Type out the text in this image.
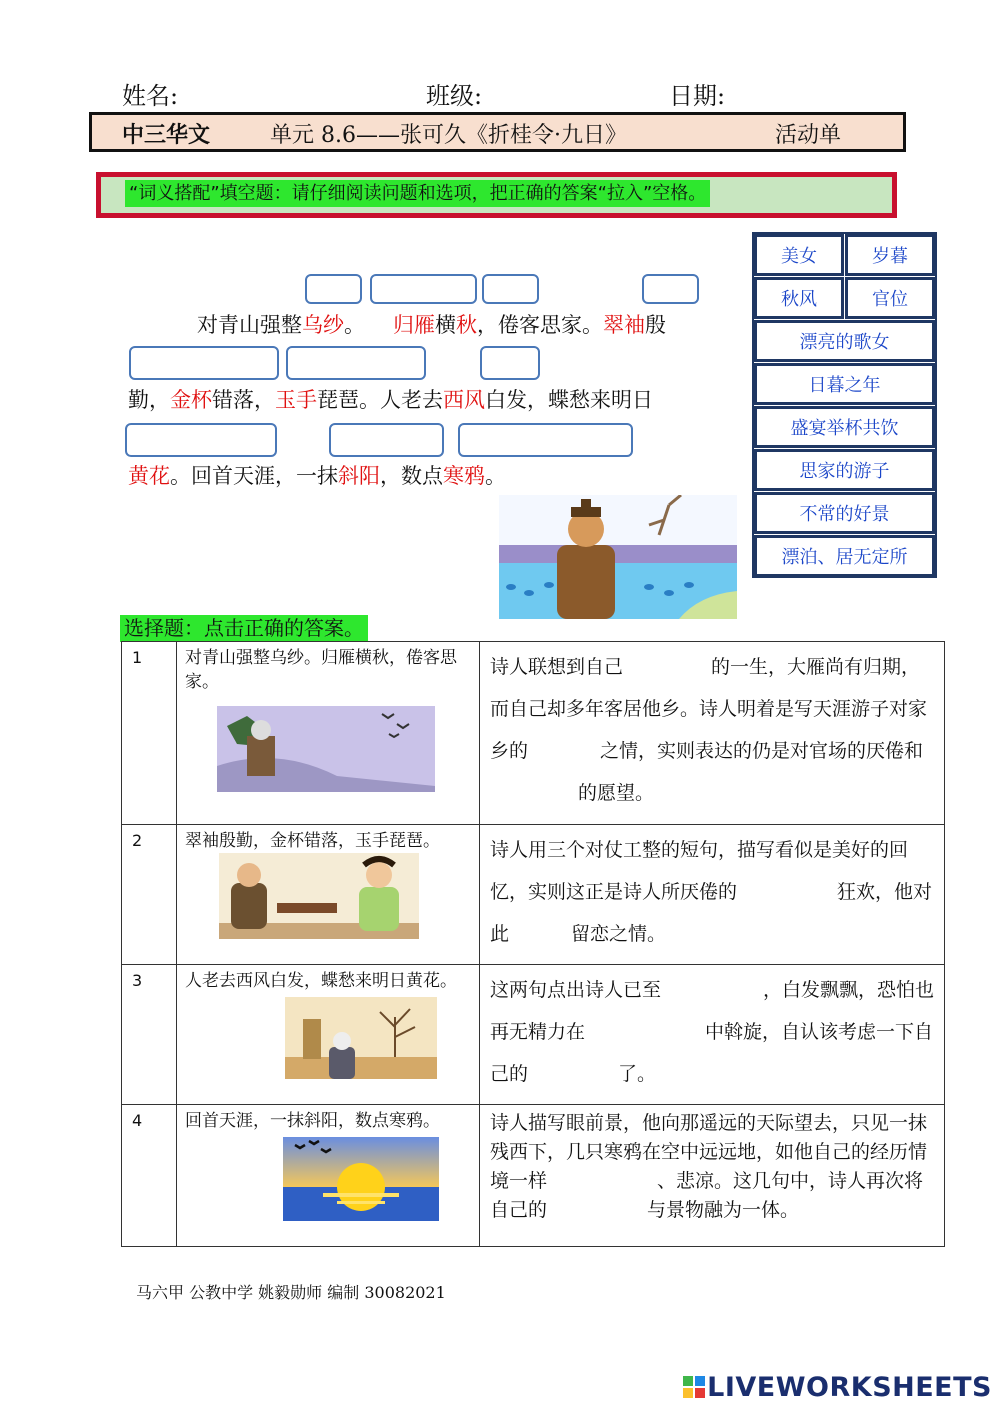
姓名:	班级:	日期:
中三华文	单元 8.6——张可久《折桂令·九日》	活动单
“词义搭配”填空题：请仔细阅读问题和选项，把正确的答案“拉入”空格。
对青山强整乌纱。 归雁横秋，倦客思家。翠袖殷
勤，金杯错落，玉手琵琶。人老去西风白发，蝶愁来明日
黄花。回首天涯，一抹斜阳，数点寒鸦。
美女	岁暮
秋风	官位
漂亮的歌女
日暮之年
盛宴举杯共饮
思家的游子
不常的好景
漂泊、居无定所
选择题：点击正确的答案。
1	对青山强整乌纱。归雁横秋，倦客思家。	诗人联想到自己 的一生，大雁尚有归期，而自己却多年客居他乡。诗人明着是写天涯游子对家乡的 之情，实则表达的仍是对官场的厌倦和的愿望。
2	翠袖殷勤，金杯错落，玉手琵琶。	诗人用三个对仗工整的短句，描写看似是美好的回忆，实则这正是诗人所厌倦的 狂欢，他对此 留恋之情。
3	人老去西风白发，蝶愁来明日黄花。	这两句点出诗人已至 ，白发飘飘，恐怕也再无精力在 中斡旋，自认该考虑一下自己的 了。
4	回首天涯，一抹斜阳，数点寒鸦。	诗人描写眼前景，他向那遥远的天际望去，只见一抹残西下，几只寒鸦在空中远远地，如他自己的经历情境一样 、悲凉。这几句中，诗人再次将自己的 与景物融为一体。
马六甲 公教中学 姚毅勋师 编制 30082021
LIVEWORKSHEETS
